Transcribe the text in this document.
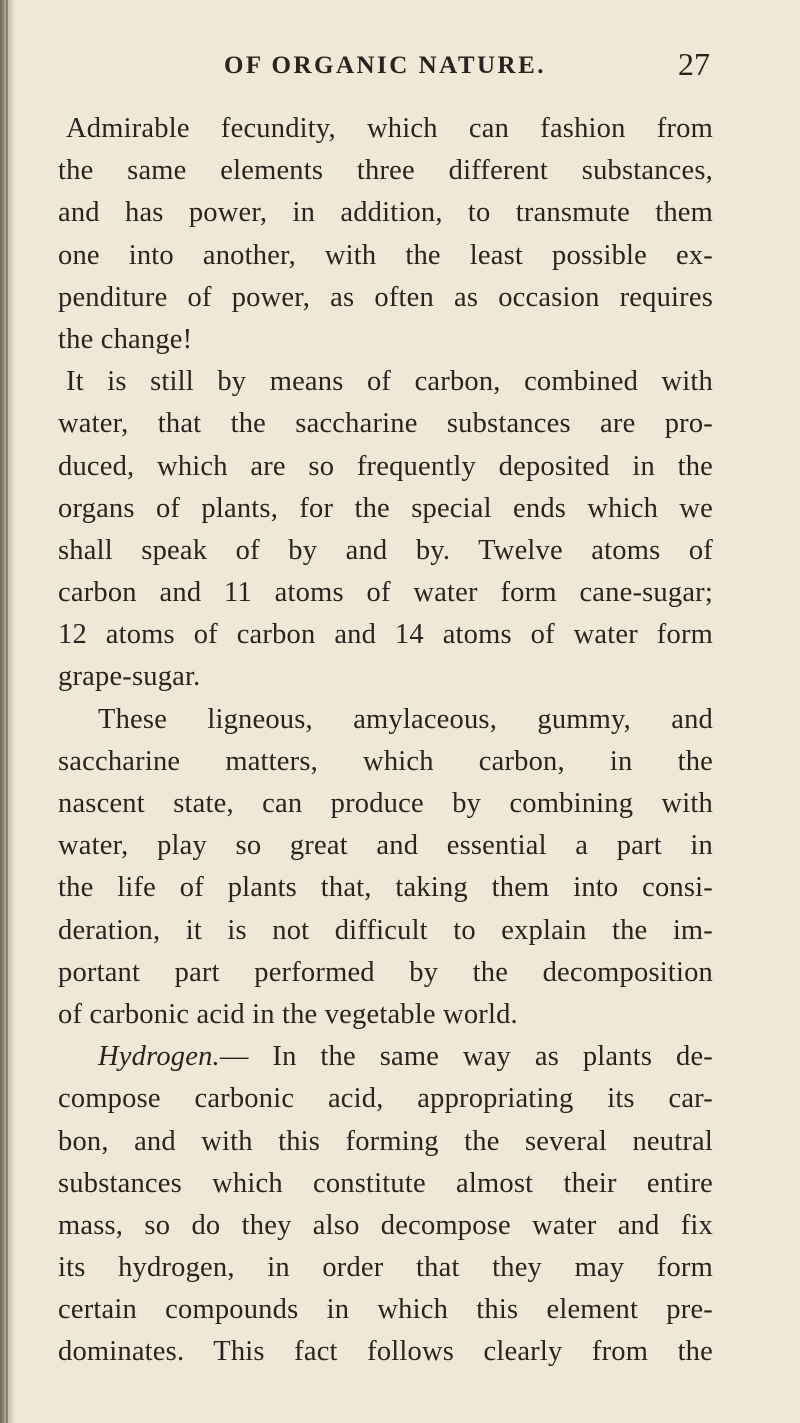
OF ORGANIC NATURE.	27
Admirable fecundity, which can fashion from
the same elements three different substances,
and has power, in addition, to transmute them
one into another, with the least possible ex-
penditure of power, as often as occasion requires
the change!
It is still by means of carbon, combined with
water, that the saccharine substances are pro-
duced, which are so frequently deposited in the
organs of plants, for the special ends which we
shall speak of by and by. Twelve atoms of
carbon and 11 atoms of water form cane-sugar;
12 atoms of carbon and 14 atoms of water form
grape-sugar.
These ligneous, amylaceous, gummy, and
saccharine matters, which carbon, in the
nascent state, can produce by combining with
water, play so great and essential a part in
the life of plants that, taking them into consi-
deration, it is not difficult to explain the im-
portant part performed by the decomposition
of carbonic acid in the vegetable world.
Hydrogen.— In the same way as plants de-
compose carbonic acid, appropriating its car-
bon, and with this forming the several neutral
substances which constitute almost their entire
mass, so do they also decompose water and fix
its hydrogen, in order that they may form
certain compounds in which this element pre-
dominates. This fact follows clearly from the
